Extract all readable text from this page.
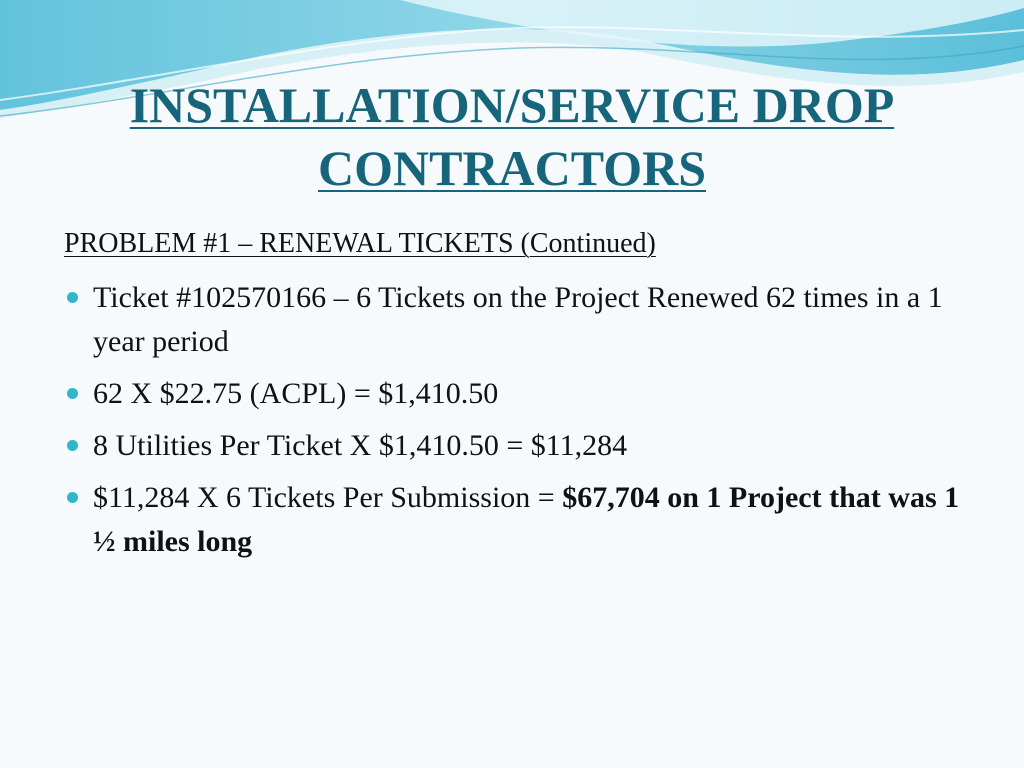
INSTALLATION/SERVICE DROP
CONTRACTORS

PROBLEM #1 – RENEWAL TICKETS (Continued)

Ticket #102570166 – 6 Tickets on the Project Renewed 62 times in a 1 year period
62 X $22.75 (ACPL) = $1,410.50
8 Utilities Per Ticket X $1,410.50 = $11,284
$11,284 X 6 Tickets Per Submission = $67,704 on 1 Project that was 1 ½ miles long
